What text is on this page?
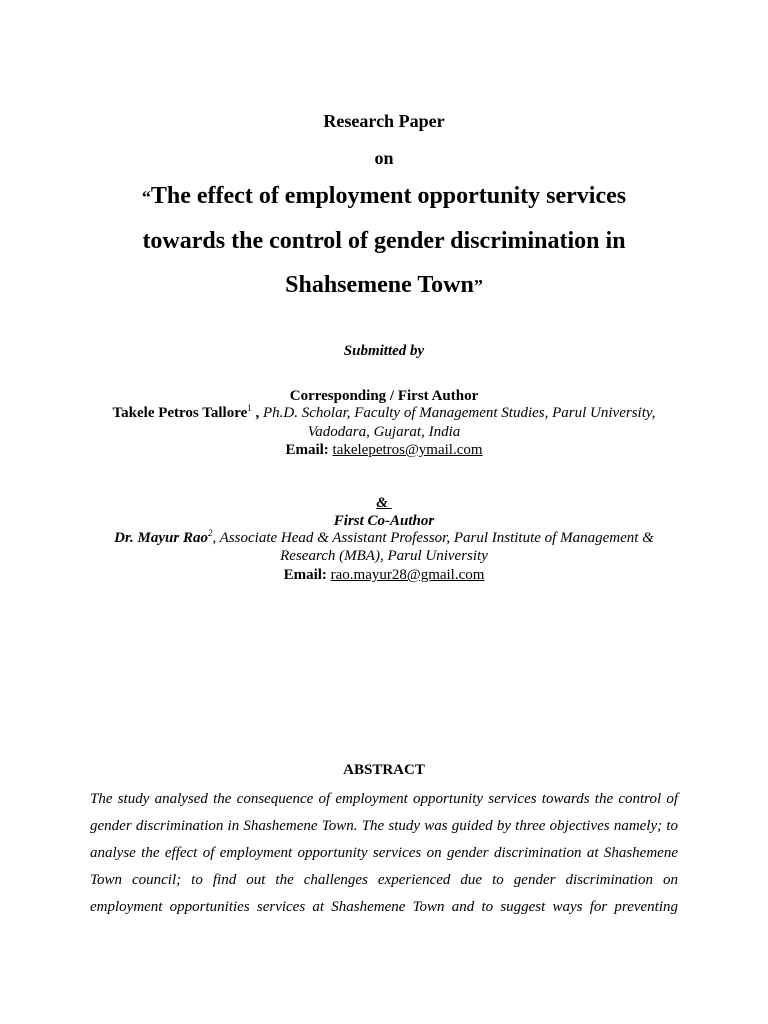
Research Paper
on
“The effect of employment opportunity services
towards the control of gender discrimination in
Shahsemene Town”
Submitted by
Corresponding / First Author
Takele Petros Tallore$^1$ , Ph.D. Scholar, Faculty of Management Studies, Parul University,
Vadodara, Gujarat, India
Email: takelepetros@ymail.com
&
First Co-Author
Dr. Mayur Rao$^2$, Associate Head & Assistant Professor, Parul Institute of Management &
Research (MBA), Parul University
Email: rao.mayur28@gmail.com
ABSTRACT
The study analysed the consequence of employment opportunity services towards the control of
gender discrimination in Shashemene Town. The study was guided by three objectives namely; to
analyse the effect of employment opportunity services on gender discrimination at Shashemene
Town council; to find out the challenges experienced due to gender discrimination on
employment opportunities services at Shashemene Town and to suggest ways for preventing
